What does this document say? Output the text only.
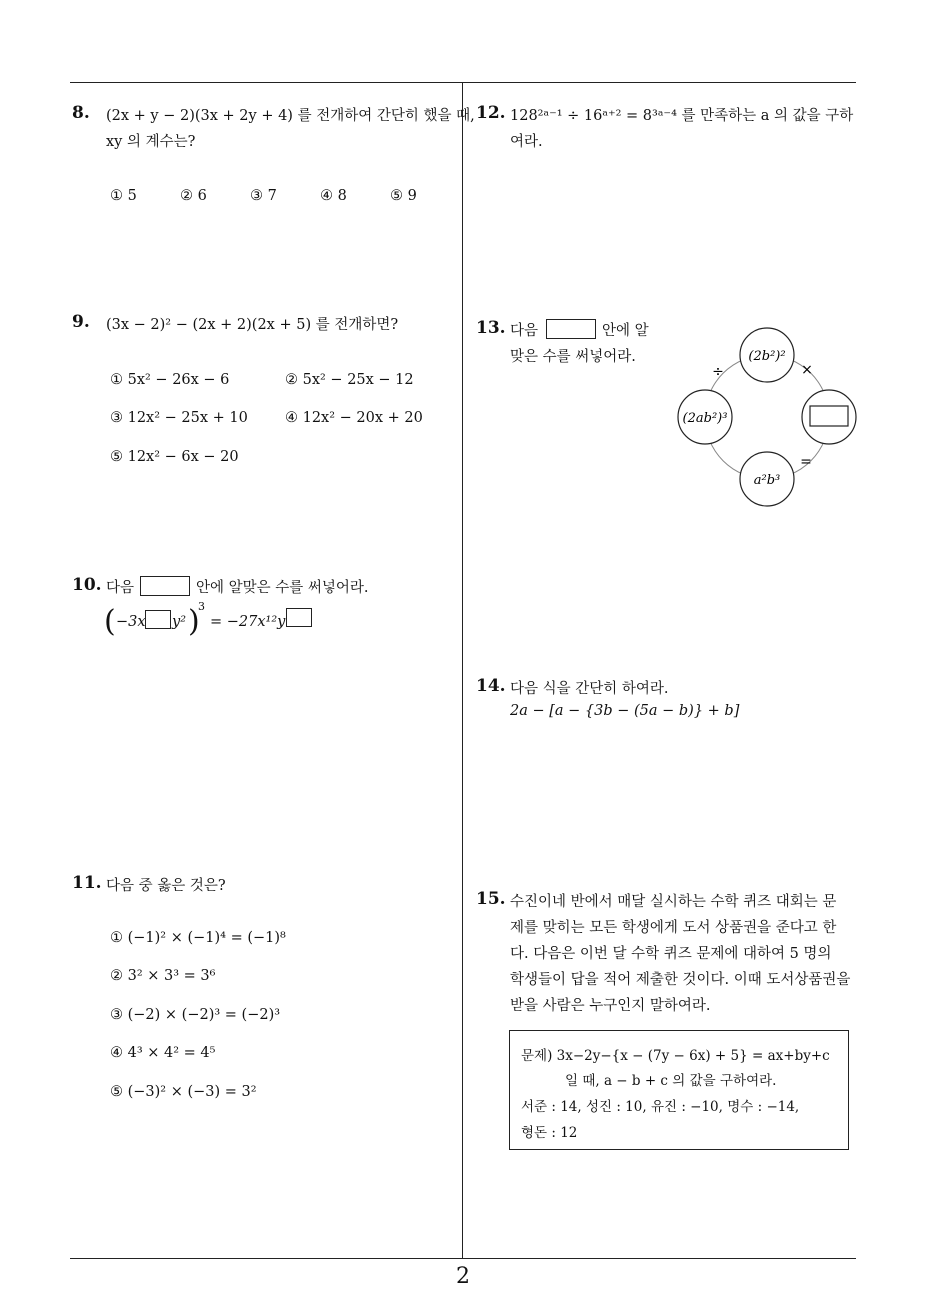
8. (2x + y − 2)(3x + 2y + 4) 를 전개하여 간단히 했을 때,
xy 의 계수는?
① 5	② 6	③ 7	④ 8	⑤ 9
9. (3x − 2)² − (2x + 2)(2x + 5) 를 전개하면?
① 5x² − 26x − 6	② 5x² − 25x − 12
③ 12x² − 25x + 10	④ 12x² − 20x + 20
⑤ 12x² − 6x − 20
10. 다음	안에 알맞은 수를 써넣어라.
( −3x y² )
3
= −27x¹²y
11. 다음 중 옳은 것은?
① (−1)² × (−1)⁴ = (−1)⁸
② 3² × 3³ = 3⁶
③ (−2) × (−2)³ = (−2)³
④ 4³ × 4² = 4⁵
⑤ (−3)² × (−3) = 3²
12. 128²ᵃ⁻¹ ÷ 16ᵃ⁺² = 8³ᵃ⁻⁴ 를 만족하는 a 의 값을 구하
여라.
13. 다음	안에 알
맞은 수를 써넣어라.	(2b²)²
(2ab²)³
a²b³
÷	×
=
14. 다음 식을 간단히 하여라.
2a − [a − {3b − (5a − b)} + b]
15. 수진이네 반에서 매달 실시하는 수학 퀴즈 대회는 문
제를 맞히는 모든 학생에게 도서 상품권을 준다고 한
다. 다음은 이번 달 수학 퀴즈 문제에 대하여 5 명의
학생들이 답을 적어 제출한 것이다. 이때 도서상품권을
받을 사람은 누구인지 말하여라.
문제) 3x−2y−{x − (7y − 6x) + 5} = ax+by+c
일 때, a − b + c 의 값을 구하여라.
서준 : 14, 성진 : 10, 유진 : −10, 명수 : −14,
형돈 : 12
2
